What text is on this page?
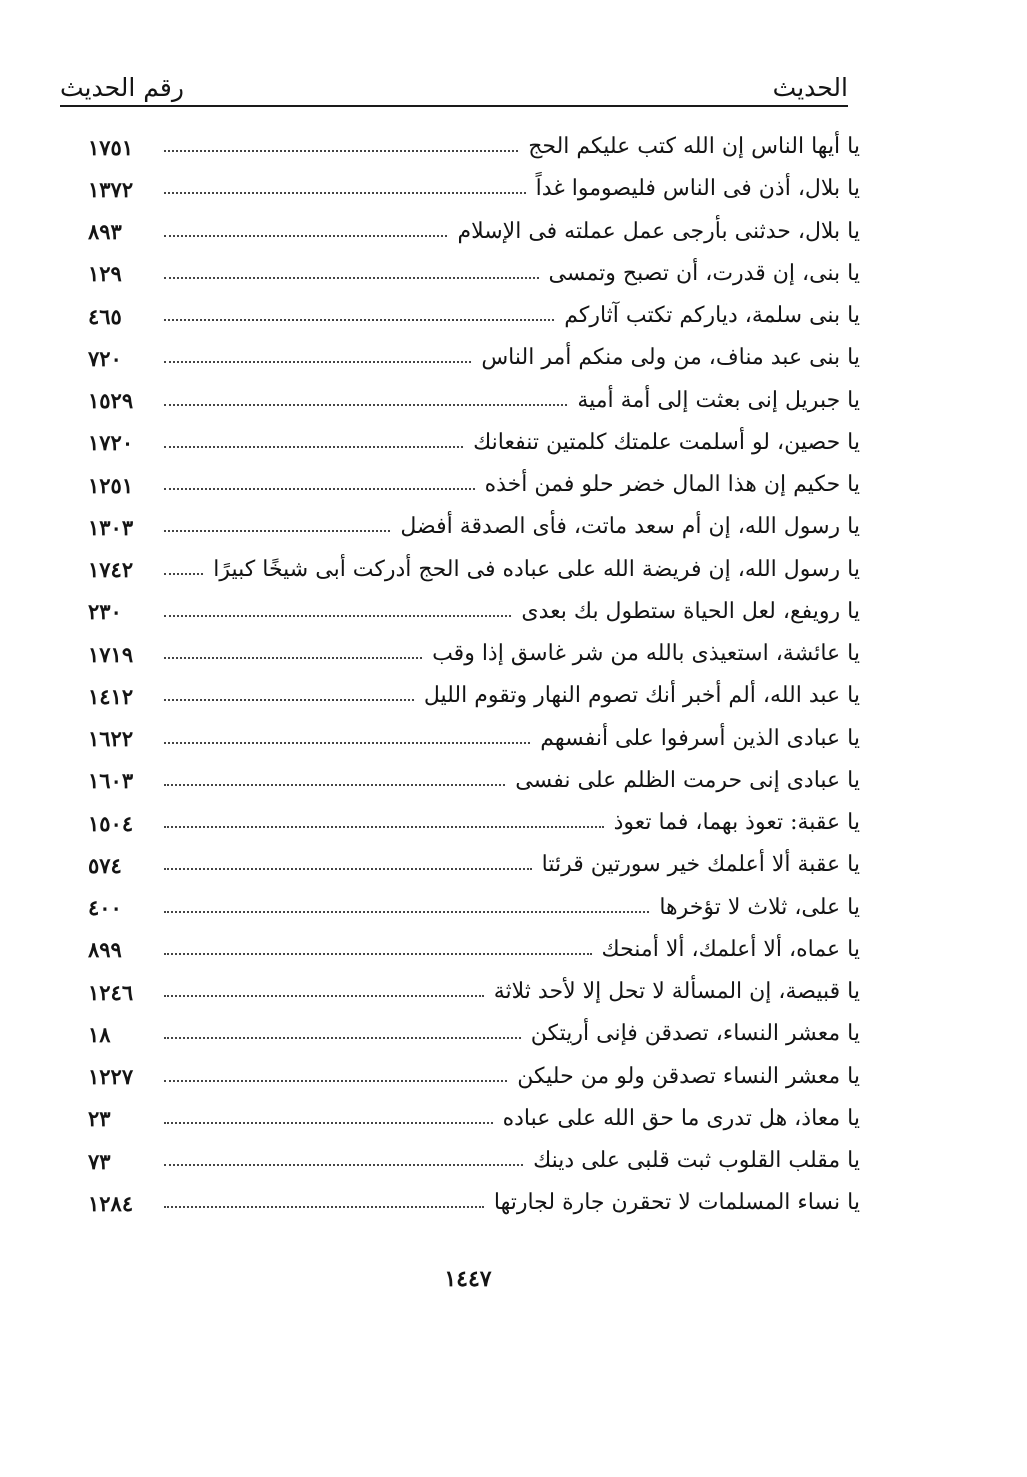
رقم الحديث	الحديث
يا أيها الناس إن الله كتب عليكم الحج
١٧٥١
يا بلال، أذن فى الناس فليصوموا غداً
١٣٧٢
يا بلال، حدثنى بأرجى عمل عملته فى الإسلام
٨٩٣
يا بنى، إن قدرت، أن تصبح وتمسى
١٢٩
يا بنى سلمة، دياركم تكتب آثاركم
٤٦٥
يا بنى عبد مناف، من ولى منكم أمر الناس
٧٢٠
يا جبريل إنى بعثت إلى أمة أمية
١٥٢٩
يا حصين، لو أسلمت علمتك كلمتين تنفعانك
١٧٢٠
يا حكيم إن هذا المال خضر حلو فمن أخذه
١٢٥١
يا رسول الله، إن أم سعد ماتت، فأى الصدقة أفضل
١٣٠٣
يا رسول الله، إن فريضة الله على عباده فى الحج أدركت أبى شيخًا كبيرًا
١٧٤٢
يا رويفع، لعل الحياة ستطول بك بعدى
٢٣٠
يا عائشة، استعيذى بالله من شر غاسق إذا وقب
١٧١٩
يا عبد الله، ألم أخبر أنك تصوم النهار وتقوم الليل
١٤١٢
يا عبادى الذين أسرفوا على أنفسهم
١٦٢٢
يا عبادى إنى حرمت الظلم على نفسى
١٦٠٣
يا عقبة: تعوذ بهما، فما تعوذ
١٥٠٤
يا عقبة ألا أعلمك خير سورتين قرئتا
٥٧٤
يا على، ثلاث لا تؤخرها
٤٠٠
يا عماه، ألا أعلمك، ألا أمنحك
٨٩٩
يا قبيصة، إن المسألة لا تحل إلا لأحد ثلاثة
١٢٤٦
يا معشر النساء، تصدقن فإنى أريتكن
١٨
يا معشر النساء تصدقن ولو من حليكن
١٢٢٧
يا معاذ، هل تدرى ما حق الله على عباده
٢٣
يا مقلب القلوب ثبت قلبى على دينك
٧٣
يا نساء المسلمات لا تحقرن جارة لجارتها
١٢٨٤
١٤٤٧
